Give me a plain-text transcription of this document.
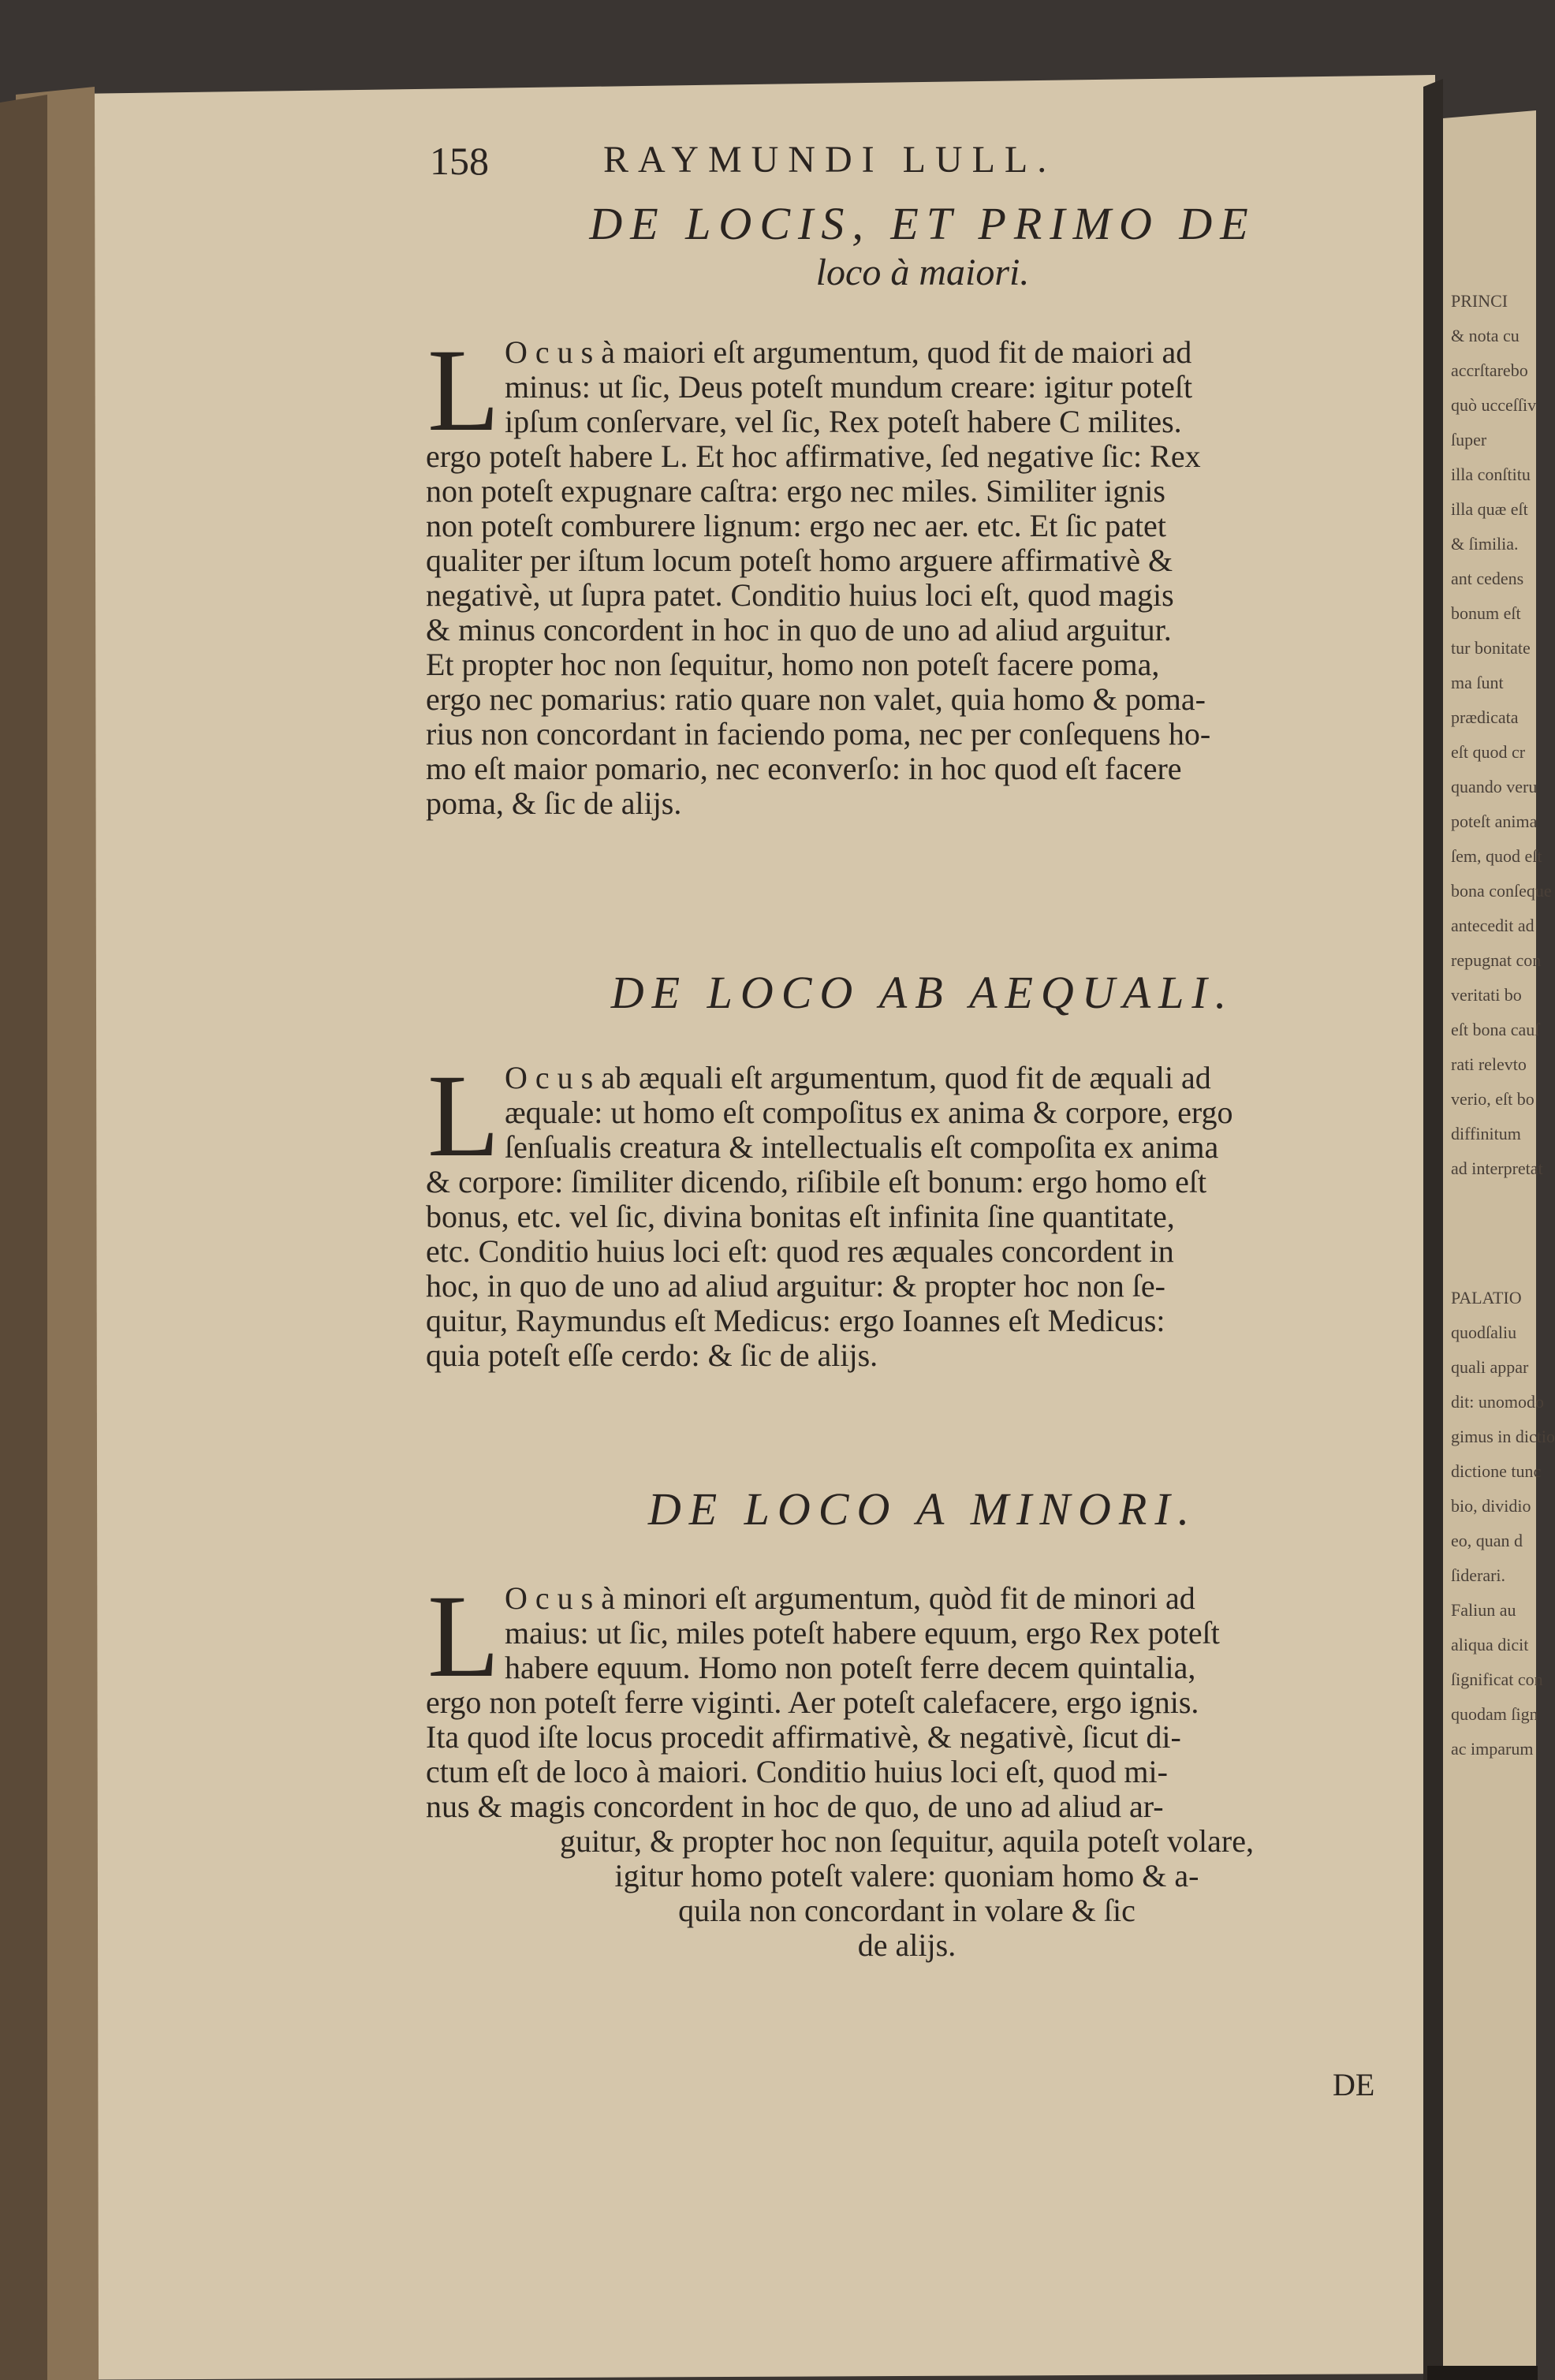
158	RAYMUNDI LULL.
DE LOCIS, ET PRIMO DE
loco à maiori.
L O c u s à maiori eſt argumentum, quod fit de maiori ad
minus: ut ſic, Deus poteſt mundum creare: igitur poteſt
ipſum conſervare, vel ſic, Rex poteſt habere C milites.
ergo poteſt habere L. Et hoc affirmative, ſed negative ſic: Rex
non poteſt expugnare caſtra: ergo nec miles. Similiter ignis
non poteſt comburere lignum: ergo nec aer. etc. Et ſic patet
qualiter per iſtum locum poteſt homo arguere affirmativè &
negativè, ut ſupra patet. Conditio huius loci eſt, quod magis
& minus concordent in hoc in quo de uno ad aliud arguitur.
Et propter hoc non ſequitur, homo non poteſt facere poma,
ergo nec pomarius: ratio quare non valet, quia homo & poma-
rius non concordant in faciendo poma, nec per conſequens ho-
mo eſt maior pomario, nec econverſo: in hoc quod eſt facere
poma, & ſic de alijs.
DE LOCO AB AEQUALI.
L O c u s ab æquali eſt argumentum, quod fit de æquali ad
æquale: ut homo eſt compoſitus ex anima & corpore, ergo
ſenſualis creatura & intellectualis eſt compoſita ex anima
& corpore: ſimiliter dicendo, riſibile eſt bonum: ergo homo eſt
bonus, etc. vel ſic, divina bonitas eſt infinita ſine quantitate,
etc. Conditio huius loci eſt: quod res æquales concordent in
hoc, in quo de uno ad aliud arguitur: & propter hoc non ſe-
quitur, Raymundus eſt Medicus: ergo Ioannes eſt Medicus:
quia poteſt eſſe cerdo: & ſic de alijs.
DE LOCO A MINORI.
L O c u s à minori eſt argumentum, quòd fit de minori ad
maius: ut ſic, miles poteſt habere equum, ergo Rex poteſt
habere equum. Homo non poteſt ferre decem quintalia,
ergo non poteſt ferre viginti. Aer poteſt calefacere, ergo ignis.
Ita quod iſte locus procedit affirmativè, & negativè, ſicut di-
ctum eſt de loco à maiori. Conditio huius loci eſt, quod mi-
nus & magis concordent in hoc de quo, de uno ad aliud ar-
guitur, & propter hoc non ſequitur, aquila poteſt volare,
igitur homo poteſt valere: quoniam homo & a-
quila non concordant in volare & ſic
de alijs.
DE
PRINCI
& nota cu
accrſtarebo
quò ucceſſiv
ſuper
illa conſtitu
illa quæ eſt
& ſimilia.
ant cedens
bonum eſt
tur bonitate
ma ſunt
prædicata
eſt quod cr
quando veru
poteſt anima
ſem, quod eſt
bona conſeque
antecedit ad
repugnat con
veritati bo
eſt bona cauſ
rati relevto
verio, eſt bo
diffinitum
ad interpretat
PALATIO
quodſaliu
quali appar
dit: unomodo
gimus in dictio
dictione tunc
bio, dividio
eo, quan d
ſiderari.
Faliun au
aliqua dicit
ſignificat con
quodam ſign
ac imparum
